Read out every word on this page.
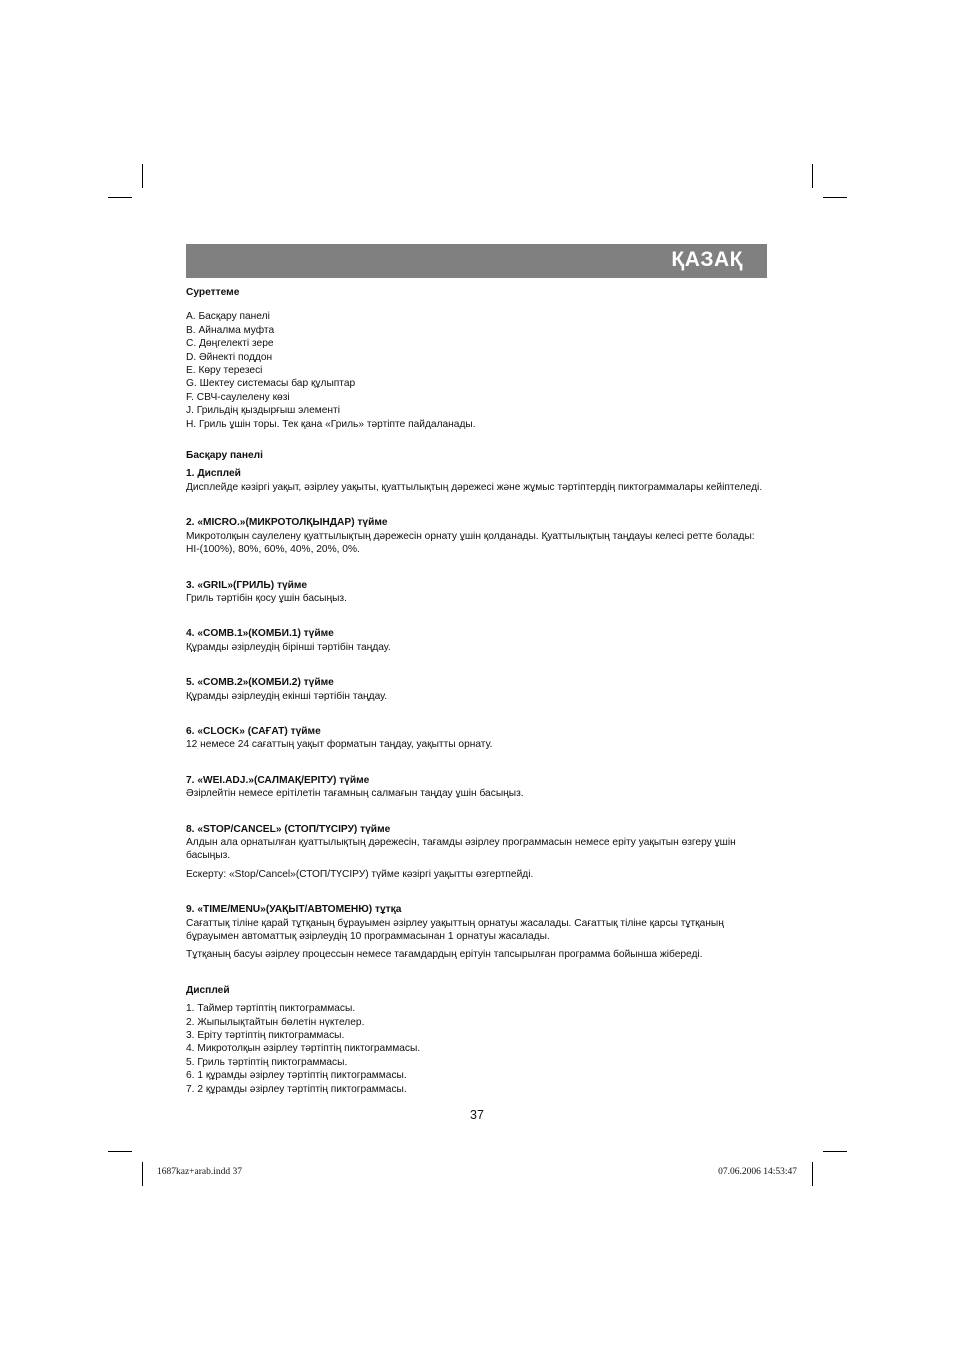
ҚАЗАҚ

Суреттеме

A. Басқару панелі
B. Айналма муфта
C. Дөңгелекті зере
D. Әйнекті поддон
E. Көру терезесі
G. Шектеу системасы бар құлыптар
F. СВЧ-саулелену көзі
J. Грильдің қыздырғыш элементі
H. Гриль ұшін торы. Тек қана «Гриль» тәртіпте пайдаланады.

Басқару панелі

1. Дисплей

Дисплейде кәзіргі уақыт, әзірлеу уақыты, қуаттылықтың дәрежесі және жұмыс тәртіптердің пиктограммалары кейіптеледі.

2. «MICRO.»(МИКРОТОЛҚЫНДАР) түйме

Микротолқын саулелену қуаттылықтың дәрежесін орнату ұшін қолданады. Қуаттылықтың таңдауы келесі ретте болады: HI-(100%), 80%, 60%, 40%, 20%, 0%.

3. «GRIL»(ГРИЛЬ) түйме

Гриль тәртібін қосу ұшін басыңыз.

4. «COMB.1»(КОМБИ.1) түйме

Құрамды әзірлеудің бірінші тәртібін таңдау.

5. «COMB.2»(КОМБИ.2) түйме

Құрамды әзірлеудің екінші тәртібін таңдау.

6. «CLOCK» (САҒАТ) түйме

12 немесе 24 сағаттың уақыт форматын таңдау, уақытты орнату.

7. «WEI.ADJ.»(САЛМАҚ/ЕРІТУ) түйме

Әзірлейтін немесе ерітілетін тағамның салмағын таңдау ұшін басыңыз.

8. «STOP/CANCEL» (СТОП/ТҮСІРУ) түйме

Алдын ала орнатылған қуаттылықтың дәрежесін, тағамды әзірлеу программасын немесе еріту уақытын өзгеру ұшін басыңыз.

Ескерту: «Stop/Cancel»(СТОП/ТҮСІРУ) түйме кәзіргі уақытты өзгертпейді.

9. «TIME/MENU»(УАҚЫТ/АВТОМЕНЮ) тұтқа

Сағаттық тіліне қарай тұтқаның бұрауымен әзірлеу уақыттың орнатуы жасалады. Сағаттық тіліне қарсы тұтқаның бұрауымен автоматтық әзірлеудің 10 программасынан 1 орнатуы жасалады.

Тұтқаның басуы әзірлеу процессын немесе тағамдардың ерітуін тапсырылған программа бойынша жібереді.

Дисплей

1. Таймер тәртіптің пиктограммасы.
2. Жыпылықтайтын бөлетін нүктелер.
3. Еріту тәртіптің пиктограммасы.
4. Микротолқын әзірлеу тәртіптің пиктограммасы.
5. Гриль тәртіптің пиктограммасы.
6. 1 құрамды әзірлеу тәртіптің пиктограммасы.
7. 2 құрамды әзірлеу тәртіптің пиктограммасы.
37
1687kaz+arab.indd 37	07.06.2006 14:53:47
